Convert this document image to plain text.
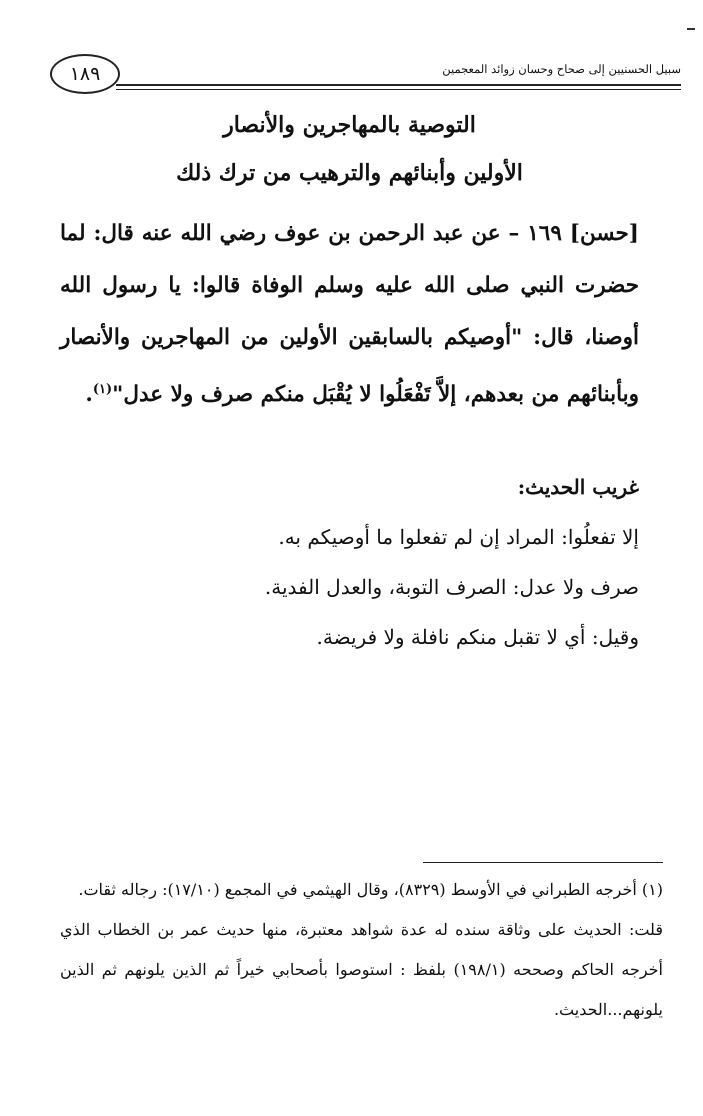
١٨٩	سبيل الحسنيين إلى صحاح وحسان زوائد المعجمين
التوصية بالمهاجرين والأنصار
الأولين وأبنائهم والترهيب من ترك ذلك
[حسن] ١٦٩ – عن عبد الرحمن بن عوف رضي الله عنه قال: لما حضرت النبي صلى الله عليه وسلم الوفاة قالوا: يا رسول الله أوصنا، قال: "أوصيكم بالسابقين الأولين من المهاجرين والأنصار وبأبنائهم من بعدهم، إلاَّ تَفْعَلُوا لا يُقْبَل منكم صرف ولا عدل"$^{(١)}$.
غريب الحديث:
إلا تفعلُوا: المراد إن لم تفعلوا ما أوصيكم به.
صرف ولا عدل: الصرف التوبة، والعدل الفدية.
وقيل: أي لا تقبل منكم نافلة ولا فريضة.

(١) أخرجه الطبراني في الأوسط (٨٣٢٩)، وقال الهيثمي في المجمع (١٧/١٠): رجاله ثقات.

قلت: الحديث على وثاقة سنده له عدة شواهد معتبرة، منها حديث عمر بن الخطاب الذي أخرجه الحاكم وصححه (١٩٨/١) بلفظ : استوصوا بأصحابي خيراً ثم الذين يلونهم ثم الذين يلونهم...الحديث.
